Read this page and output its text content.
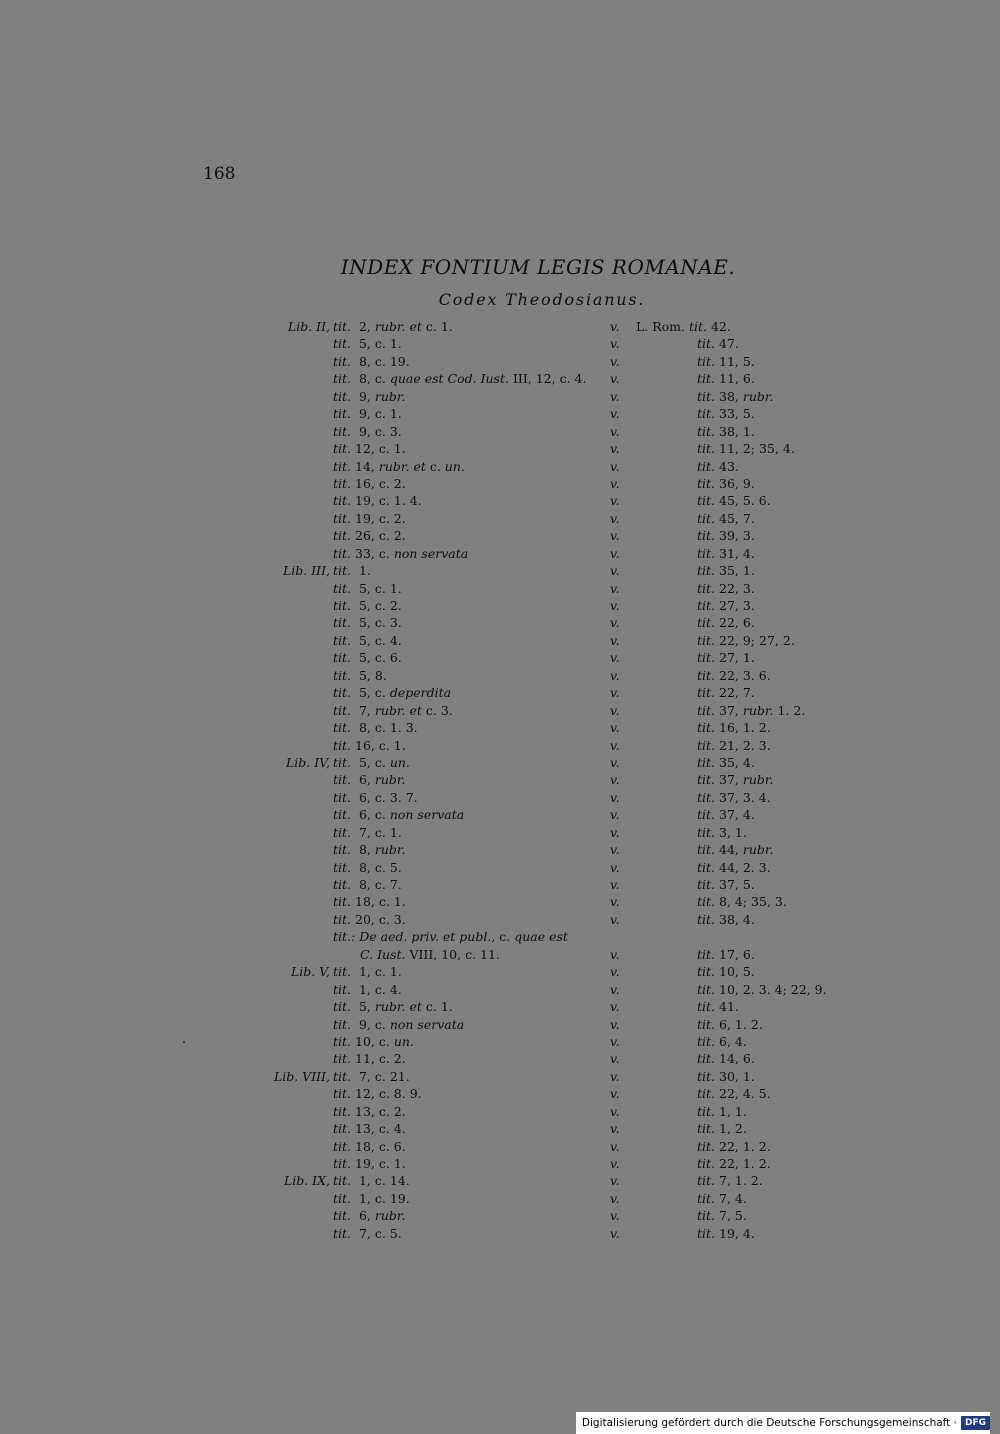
168
INDEX FONTIUM LEGIS ROMANAE.
Codex Theodosianus.
Lib. II, tit.  2, rubr. et c. 1.	v. L. Rom. tit. 42.
tit.  5, c. 1.	v.	tit. 47.
tit.  8, c. 19.	v.	tit. 11, 5.
tit.  8, c. quae est Cod. Iust. III, 12, c. 4. v.	tit. 11, 6.
tit.  9, rubr.	v.	tit. 38, rubr.
tit.  9, c. 1.	v.	tit. 33, 5.
tit.  9, c. 3.	v.	tit. 38, 1.
tit. 12, c. 1.	v.	tit. 11, 2; 35, 4.
tit. 14, rubr. et c. un.	v.	tit. 43.
tit. 16, c. 2.	v.	tit. 36, 9.
tit. 19, c. 1. 4.	v.	tit. 45, 5. 6.
tit. 19, c. 2.	v.	tit. 45, 7.
tit. 26, c. 2.	v.	tit. 39, 3.
tit. 33, c. non servata	v.	tit. 31, 4.
Lib. III, tit.  1.	v.	tit. 35, 1.
tit.  5, c. 1.	v.	tit. 22, 3.
tit.  5, c. 2.	v.	tit. 27, 3.
tit.  5, c. 3.	v.	tit. 22, 6.
tit.  5, c. 4.	v.	tit. 22, 9; 27, 2.
tit.  5, c. 6.	v.	tit. 27, 1.
tit.  5, 8.	v.	tit. 22, 3. 6.
tit.  5, c. deperdita	v.	tit. 22, 7.
tit.  7, rubr. et c. 3.	v.	tit. 37, rubr. 1. 2.
tit.  8, c. 1. 3.	v.	tit. 16, 1. 2.
tit. 16, c. 1.	v.	tit. 21, 2. 3.
Lib. IV, tit.  5, c. un.	v.	tit. 35, 4.
tit.  6, rubr.	v.	tit. 37, rubr.
tit.  6, c. 3. 7.	v.	tit. 37, 3. 4.
tit.  6, c. non servata	v.	tit. 37, 4.
tit.  7, c. 1.	v.	tit. 3, 1.
tit.  8, rubr.	v.	tit. 44, rubr.
tit.  8, c. 5.	v.	tit. 44, 2. 3.
tit.  8, c. 7.	v.	tit. 37, 5.
tit. 18, c. 1.	v.	tit. 8, 4; 35, 3.
tit. 20, c. 3.	v.	tit. 38, 4.
tit.: De aed. priv. et publ., c. quae est
C. Iust. VIII, 10, c. 11.	v.	tit. 17, 6.
Lib. V, tit.  1, c. 1.	v.	tit. 10, 5.
tit.  1, c. 4.	v.	tit. 10, 2. 3. 4; 22, 9.
tit.  5, rubr. et c. 1.	v.	tit. 41.
tit.  9, c. non servata	v.	tit. 6, 1. 2.
tit. 10, c. un.	v.	tit. 6, 4.
tit. 11, c. 2.	v.	tit. 14, 6.
Lib. VIII, tit.  7, c. 21.	v.	tit. 30, 1.
tit. 12, c. 8. 9.	v.	tit. 22, 4. 5.
tit. 13, c. 2.	v.	tit. 1, 1.
tit. 13, c. 4.	v.	tit. 1, 2.
tit. 18, c. 6.	v.	tit. 22, 1. 2.
tit. 19, c. 1.	v.	tit. 22, 1. 2.
Lib. IX, tit.  1, c. 14.	v.	tit. 7, 1. 2.
tit.  1, c. 19.	v.	tit. 7, 4.
tit.  6, rubr.	v.	tit. 7, 5.
tit.  7, c. 5.	v.	tit. 19, 4.
Digitalisierung gefördert durch die Deutsche Forschungsgemeinschaft · DFG
